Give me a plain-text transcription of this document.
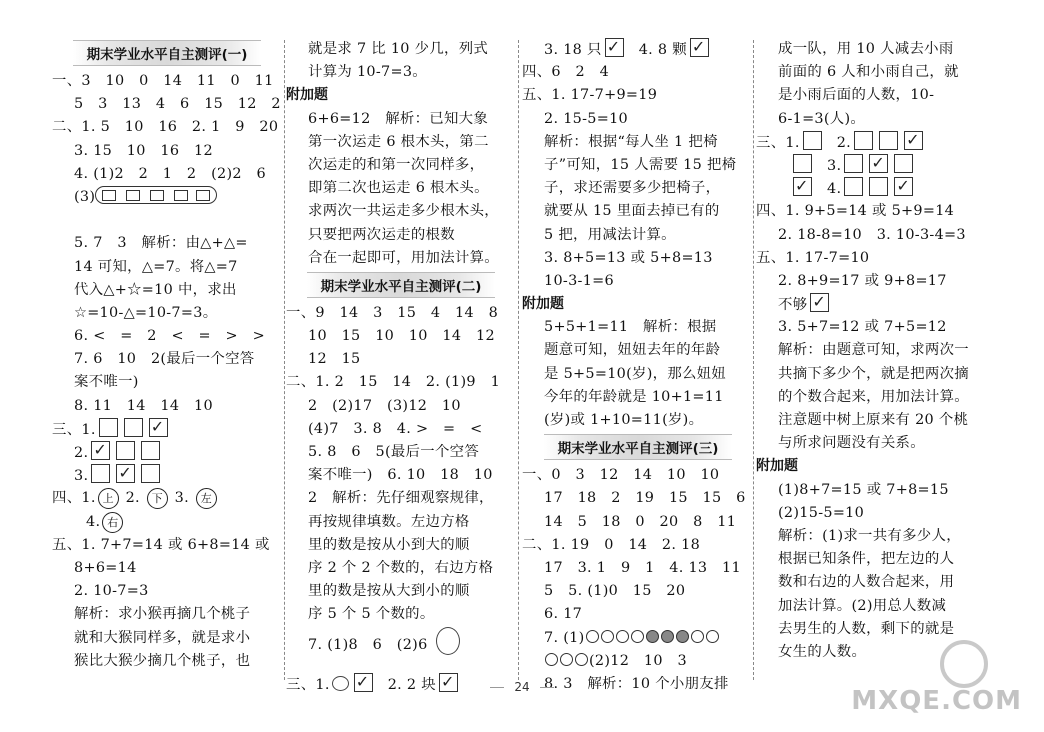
期末学业水平自主测评(一)
一、3　10　0　14　11　0　11
5　3　13　4　6　15　12　2
二、1. 5　10　16　2. 1　9　20
3. 15　10　16　12
4. (1)2　2　1　2　(2)2　6
(3)
5. 7　3　解析：由△+△=
14 可知，△=7。将△=7
代入△+☆=10 中，求出
☆=10-△=10-7=3。
6. <　=　2　<　=　>　>
7. 6　10　2(最后一个空答
案不唯一)
8. 11　14　14　10
三、1.✓
2.✓
3.✓
四、1. 上 2. 下 3. 左
4. 右
五、1. 7+7=14 或 6+8=14 或
8+6=14
2. 10-7=3
解析：求小猴再摘几个桃子
就和大猴同样多，就是求小
猴比大猴少摘几个桃子，也
就是求 7 比 10 少几，列式
计算为 10-7=3。
附加题
6+6=12　解析：已知大象
第一次运走 6 根木头，第二
次运走的和第一次同样多，
即第二次也运走 6 根木头。
求两次一共运走多少根木头，
只要把两次运走的根数
合在一起即可，用加法计算。
期末学业水平自主测评(二)
一、9　14　3　15　4　14　8
10　15　10　10　14　12
12　15
二、1. 2　15　14　2. (1)9　1
2　(2)17　(3)12　10
(4)7　3. 8　4. >　=　<
5. 8　6　5(最后一个空答
案不唯一)　6. 10　18　10
2　解析：先仔细观察规律，
再按规律填数。左边方格
里的数是按从小到大的顺
序 2 个 2 个数的，右边方格
里的数是按从大到小的顺
序 5 个 5 个数的。
7. (1)8　6　(2)6
三、1. ✓	2. 2 块✓
3. 18 只 ✓	4. 8 颗✓
四、6　2　4
五、1. 17-7+9=19
2. 15-5=10
解析：根据“每人坐 1 把椅
子”可知，15 人需要 15 把椅
子，求还需要多少把椅子，
就要从 15 里面去掉已有的
5 把，用减法计算。
3. 8+5=13 或 5+8=13
10-3-1=6
附加题
5+5+1=11　解析：根据
题意可知，妞妞去年的年龄
是 5+5=10(岁)，那么妞妞
今年的年龄就是 10+1=11
(岁)或 1+10=11(岁)。
期末学业水平自主测评(三)
一、0　3　12　14　10　10
17　18　2　19　15　15　6
14　5　18　0　20　8　11
二、1. 19　0　14　2. 18
17　3. 1　9　1　4. 13　11
5　5. (1)0　15　20
6. 17
7. (1)
(2)12　10　3
8. 3　解析：10 个小朋友排
成一队，用 10 人减去小雨
前面的 6 人和小雨自己，就
是小雨后面的人数，10-
6-1=3(人)。
三、1.	2.✓
3.✓
✓4.✓
四、1. 9+5=14 或 5+9=14
2. 18-8=10　3. 10-3-4=3
五、1. 17-7=10
2. 8+9=17 或 9+8=17
不够✓
3. 5+7=12 或 7+5=12
解析：由题意可知，求两次一
共摘下多少个，就是把两次摘
的个数合起来，用加法计算。
注意题中树上原来有 20 个桃
与所求问题没有关系。
附加题
(1)8+7=15 或 7+8=15
(2)15-5=10
解析：(1)求一共有多少人，
根据已知条件，把左边的人
数和右边的人数合起来，用
加法计算。(2)用总人数减
去男生的人数，剩下的就是
女生的人数。
24	MXQE.COM
